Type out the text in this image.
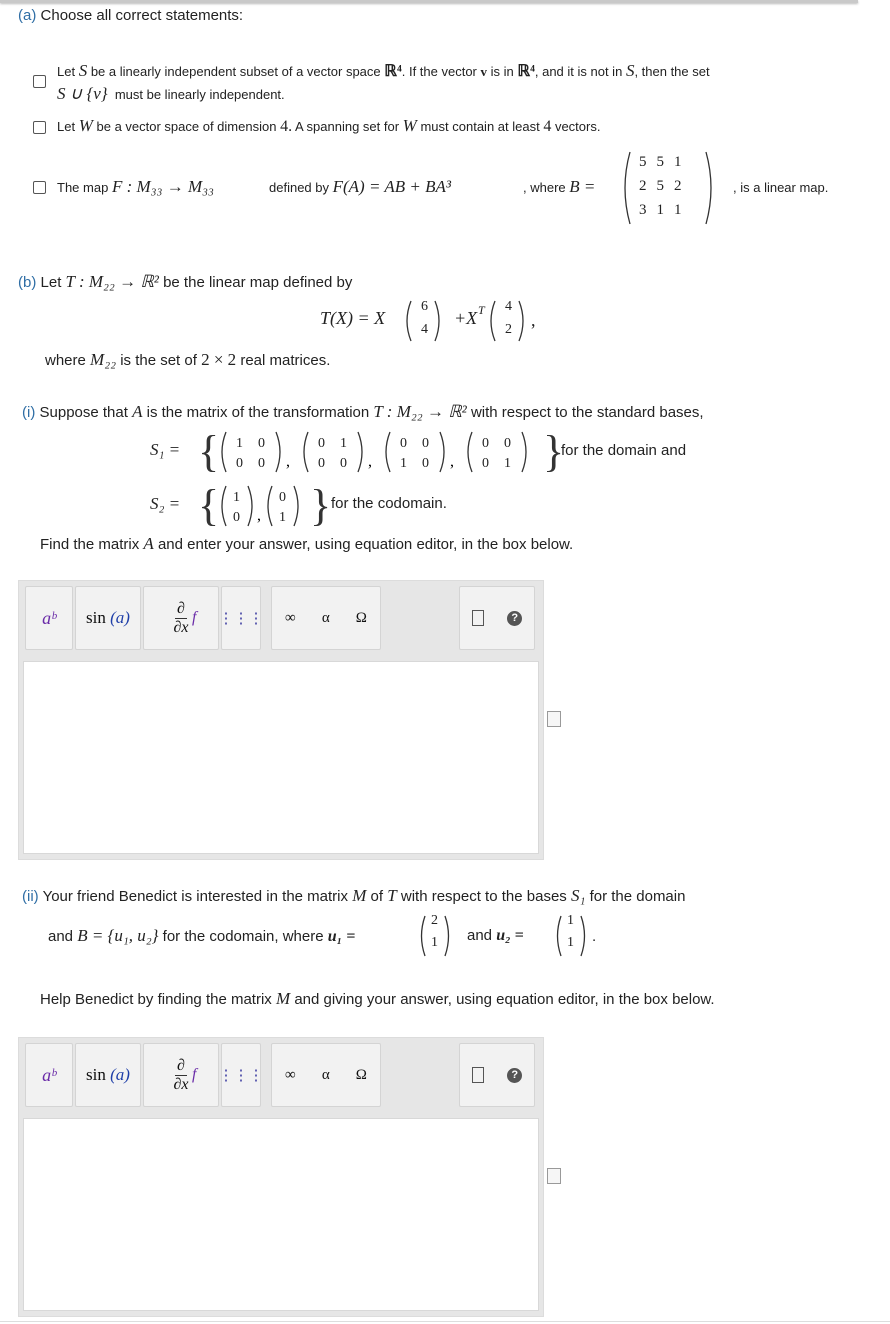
(a) Choose all correct statements:
Let S be a linearly independent subset of a vector space ℝ⁴. If the vector v is in ℝ⁴, and it is not in S, then the set
S ∪ {v} must be linearly independent.
Let W be a vector space of dimension 4. A spanning set for W must contain at least 4 vectors.
The map F : M₃₃ → M₃₃	defined by F(A) = AB + BA³	, where B =
5	5	1
2	5	2
3	1	1
, is a linear map.
(b) Let T : M₂₂ → ℝ² be the linear map defined by
T(X) = X
6
4
+X T 4
2 ,
where M₂₂ is the set of 2 × 2 real matrices.
(i) Suppose that A is the matrix of the transformation T : M₂₂ → ℝ² with respect to the standard bases,
S₁ = {	}
1 0
0 0 ,
0 1
0 0 ,
0 0
1 0 ,
0 0
0 1
for the domain and
S₂ = { }
1
0 ,
0
1
for the codomain.
Find the matrix A and enter your answer, using equation editor, in the box below.
aᵇ sin (a)	∂
∂x
f ⋮⋮⋮ ∞ α Ω	?
(ii) Your friend Benedict is interested in the matrix M of T with respect to the bases S₁ for the domain
and B = {u₁, u₂} for the codomain, where u₁ =
2
1 and u₂ =
1
1 .
Help Benedict by finding the matrix M and giving your answer, using equation editor, in the box below.
aᵇ sin (a)	∂
∂x
f ⋮⋮⋮ ∞ α Ω	?
